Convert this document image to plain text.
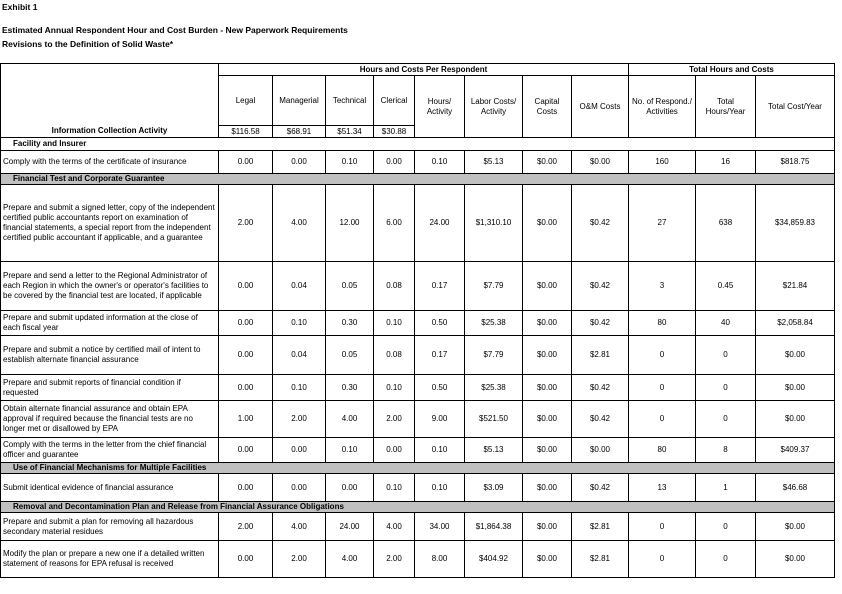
Exhibit 1
Estimated Annual Respondent Hour and Cost Burden - New Paperwork Requirements
Revisions to the Definition of Solid Waste*
	Hours and Costs Per Respondent								Total Hours and Costs		
	Legal	Managerial	Technical	Clerical	Hours/ Activity	Labor Costs/ Activity	Capital Costs	O&M Costs	No. of Respond./ Activities	Total Hours/Year	Total Cost/Year
Information Collection Activity	$116.58	$68.91	$51.34	$30.88							
Facility and Insurer											
Comply with the terms of the certificate of insurance	0.00	0.00	0.10	0.00	0.10	$5.13	$0.00	$0.00	160	16	$818.75
Financial Test and Corporate Guarantee											
Prepare and submit a signed letter, copy of the independent certified public accountants report on examination of financial statements, a special report from the independent certified public accountant if applicable, and a guarantee	2.00	4.00	12.00	6.00	24.00	$1,310.10	$0.00	$0.42	27	638	$34,859.83
Prepare and send a letter to the Regional Administrator of each Region in which the owner's or operator's facilities to be covered by the financial test are located, if applicable	0.00	0.04	0.05	0.08	0.17	$7.79	$0.00	$0.42	3	0.45	$21.84
Prepare and submit updated information at the close of each fiscal year	0.00	0.10	0.30	0.10	0.50	$25.38	$0.00	$0.42	80	40	$2,058.84
Prepare and submit a notice by certified mail of intent to establish alternate financial assurance	0.00	0.04	0.05	0.08	0.17	$7.79	$0.00	$2.81	0	0	$0.00
Prepare and submit reports of financial condition if requested	0.00	0.10	0.30	0.10	0.50	$25.38	$0.00	$0.42	0	0	$0.00
Obtain alternate financial assurance and obtain EPA approval if required because the financial tests are no longer met or disallowed by EPA	1.00	2.00	4.00	2.00	9.00	$521.50	$0.00	$0.42	0	0	$0.00
Comply with the terms in the letter from the chief financial officer and guarantee	0.00	0.00	0.10	0.00	0.10	$5.13	$0.00	$0.00	80	8	$409.37
Use of Financial Mechanisms for Multiple Facilities											
Submit identical evidence of financial assurance	0.00	0.00	0.00	0.10	0.10	$3.09	$0.00	$0.42	13	1	$46.68
Removal and Decontamination Plan and Release from Financial Assurance Obligations											
Prepare and submit a plan for removing all hazardous secondary material residues	2.00	4.00	24.00	4.00	34.00	$1,864.38	$0.00	$2.81	0	0	$0.00
Modify the plan or prepare a new one if a detailed written statement of reasons for EPA refusal is received	0.00	2.00	4.00	2.00	8.00	$404.92	$0.00	$2.81	0	0	$0.00
